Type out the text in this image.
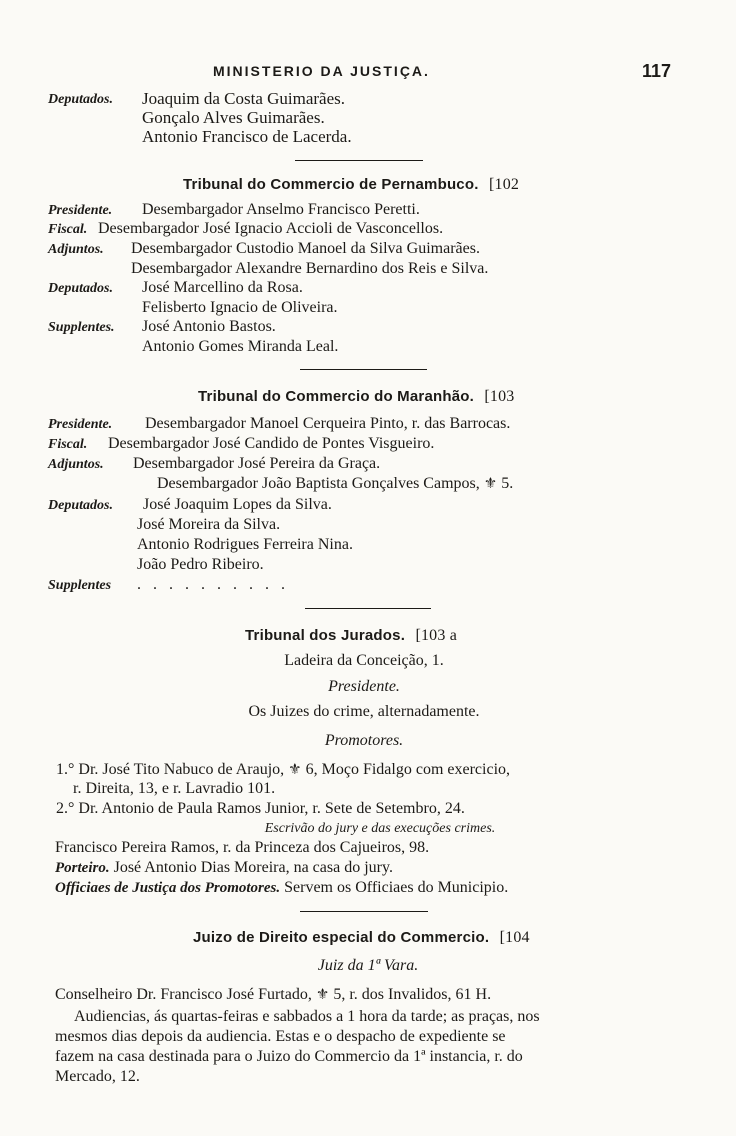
MINISTERIO DA JUSTIÇA.	117
Deputados. Joaquim da Costa Guimarães.
Gonçalo Alves Guimarães.
Antonio Francisco de Lacerda.
Tribunal do Commercio de Pernambuco. [102
Presidente. Desembargador Anselmo Francisco Peretti.
Fiscal. Desembargador José Ignacio Accioli de Vasconcellos.
Adjuntos. Desembargador Custodio Manoel da Silva Guimarães.
Desembargador Alexandre Bernardino dos Reis e Silva.
Deputados. José Marcellino da Rosa.
Felisberto Ignacio de Oliveira.
Supplentes. José Antonio Bastos.
Antonio Gomes Miranda Leal.
Tribunal do Commercio do Maranhão. [103
Presidente. Desembargador Manoel Cerqueira Pinto, r. das Barrocas.
Fiscal. Desembargador José Candido de Pontes Visgueiro.
Adjuntos. Desembargador José Pereira da Graça.
Desembargador João Baptista Gonçalves Campos, ⚜ 5.
Deputados. José Joaquim Lopes da Silva.
José Moreira da Silva.
Antonio Rodrigues Ferreira Nina.
João Pedro Ribeiro.
Supplentes . . . . . . . . . .
Tribunal dos Jurados. [103 a
Ladeira da Conceição, 1.
Presidente.
Os Juizes do crime, alternadamente.
Promotores.
1.° Dr. José Tito Nabuco de Araujo, ⚜ 6, Moço Fidalgo com exercicio,
r. Direita, 13, e r. Lavradio 101.
2.° Dr. Antonio de Paula Ramos Junior, r. Sete de Setembro, 24.
Escrivão do jury e das execuções crimes.
Francisco Pereira Ramos, r. da Princeza dos Cajueiros, 98.
Porteiro. José Antonio Dias Moreira, na casa do jury.
Officiaes de Justiça dos Promotores. Servem os Officiaes do Municipio.
Juizo de Direito especial do Commercio. [104
Juiz da 1ª Vara.
Conselheiro Dr. Francisco José Furtado, ⚜ 5, r. dos Invalidos, 61 H.
Audiencias, ás quartas-feiras e sabbados a 1 hora da tarde; as praças, nos
mesmos dias depois da audiencia. Estas e o despacho de expediente se
fazem na casa destinada para o Juizo do Commercio da 1ª instancia, r. do
Mercado, 12.
